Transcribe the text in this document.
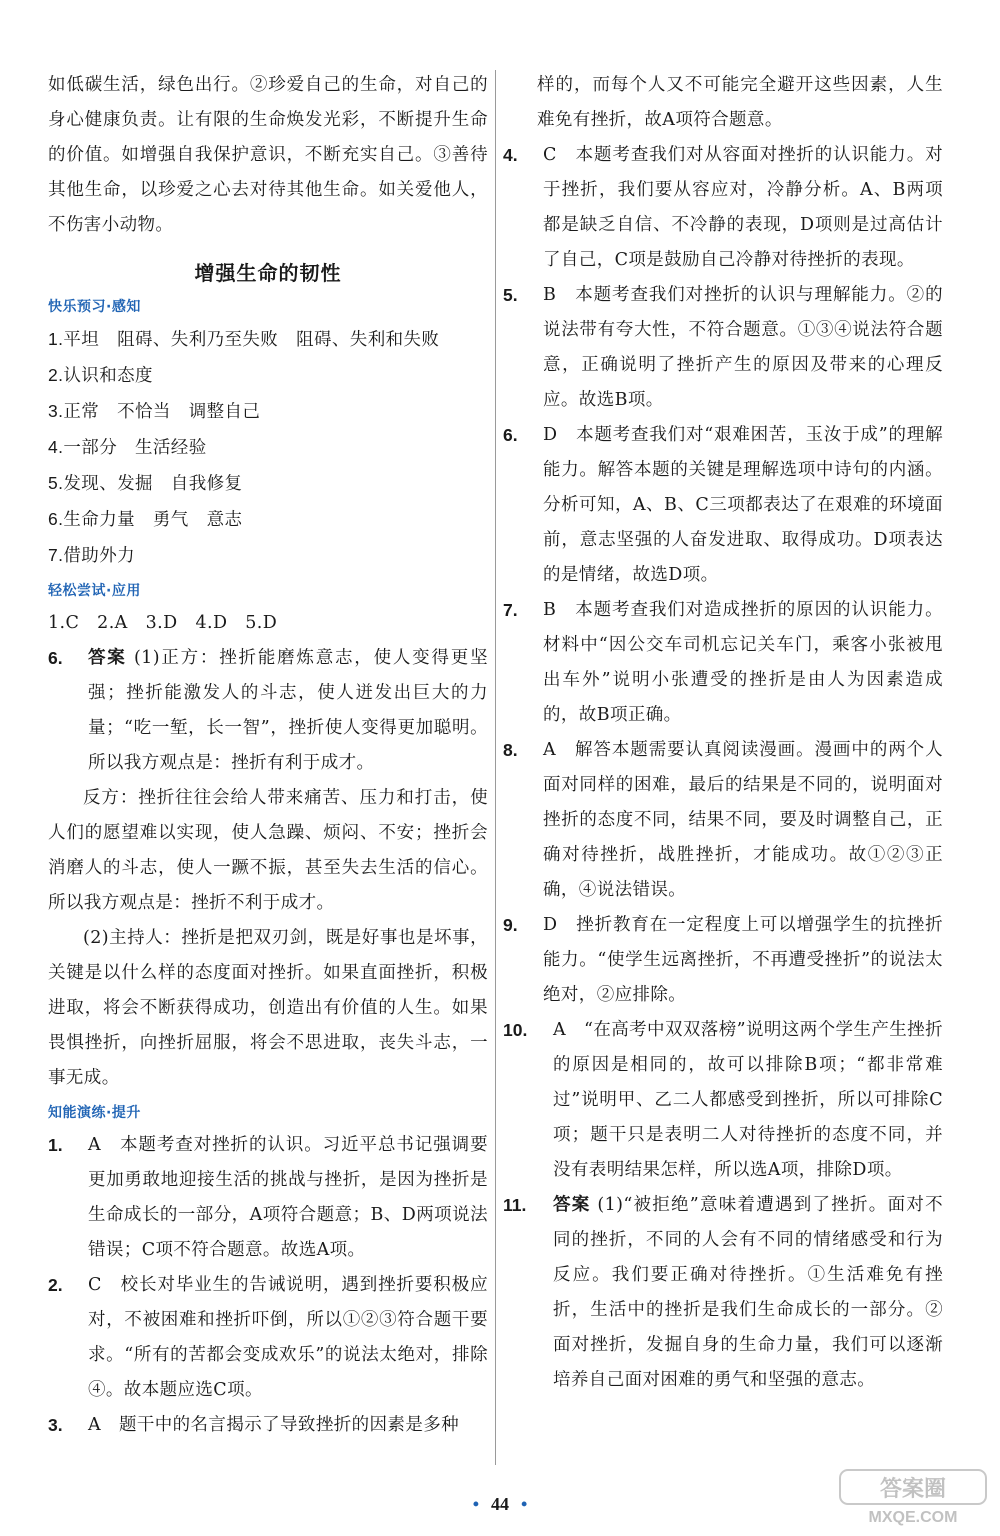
如低碳生活，绿色出行。②珍爱自己的生命，对自己的身心健康负责。让有限的生命焕发光彩，不断提升生命的价值。如增强自我保护意识，不断充实自己。③善待其他生命，以珍爱之心去对待其他生命。如关爱他人，不伤害小动物。

增强生命的韧性
快乐预习·感知
1.平坦　阻碍、失利乃至失败　阻碍、失利和失败
2.认识和态度
3.正常　不恰当　调整自己
4.一部分　生活经验
5.发现、发掘　自我修复
6.生命力量　勇气　意志
7.借助外力
轻松尝试·应用

1.C　2.A　3.D　4.D　5.D

6.	答案 (1)正方：挫折能磨炼意志，使人变得更坚强；挫折能激发人的斗志，使人迸发出巨大的力量；“吃一堑，长一智”，挫折使人变得更加聪明。所以我方观点是：挫折有利于成才。

反方：挫折往往会给人带来痛苦、压力和打击，使人们的愿望难以实现，使人急躁、烦闷、不安；挫折会消磨人的斗志，使人一蹶不振，甚至失去生活的信心。所以我方观点是：挫折不利于成才。

(2)主持人：挫折是把双刃剑，既是好事也是坏事，关键是以什么样的态度面对挫折。如果直面挫折，积极进取，将会不断获得成功，创造出有价值的人生。如果畏惧挫折，向挫折屈服，将会不思进取，丧失斗志，一事无成。

知能演练·提升
1.	A　本题考查对挫折的认识。习近平总书记强调要更加勇敢地迎接生活的挑战与挫折，是因为挫折是生命成长的一部分，A项符合题意；B、D两项说法错误；C项不符合题意。故选A项。
2.	C　校长对毕业生的告诫说明，遇到挫折要积极应对，不被困难和挫折吓倒，所以①②③符合题干要求。“所有的苦都会变成欢乐”的说法太绝对，排除④。故本题应选C项。
3.	A　题干中的名言揭示了导致挫折的因素是多种

样的，而每个人又不可能完全避开这些因素，人生难免有挫折，故A项符合题意。

4.	C　本题考查我们对从容面对挫折的认识能力。对于挫折，我们要从容应对，冷静分析。A、B两项都是缺乏自信、不冷静的表现，D项则是过高估计了自己，C项是鼓励自己冷静对待挫折的表现。
5.	B　本题考查我们对挫折的认识与理解能力。②的说法带有夸大性，不符合题意。①③④说法符合题意，正确说明了挫折产生的原因及带来的心理反应。故选B项。
6.	D　本题考查我们对“艰难困苦，玉汝于成”的理解能力。解答本题的关键是理解选项中诗句的内涵。分析可知，A、B、C三项都表达了在艰难的环境面前，意志坚强的人奋发进取、取得成功。D项表达的是情绪，故选D项。
7.	B　本题考查我们对造成挫折的原因的认识能力。材料中“因公交车司机忘记关车门，乘客小张被甩出车外”说明小张遭受的挫折是由人为因素造成的，故B项正确。
8.	A　解答本题需要认真阅读漫画。漫画中的两个人面对同样的困难，最后的结果是不同的，说明面对挫折的态度不同，结果不同，要及时调整自己，正确对待挫折，战胜挫折，才能成功。故①②③正确，④说法错误。
9.	D　挫折教育在一定程度上可以增强学生的抗挫折能力。“使学生远离挫折，不再遭受挫折”的说法太绝对，②应排除。
10.	A　“在高考中双双落榜”说明这两个学生产生挫折的原因是相同的，故可以排除B项；“都非常难过”说明甲、乙二人都感受到挫折，所以可排除C项；题干只是表明二人对待挫折的态度不同，并没有表明结果怎样，所以选A项，排除D项。
11.	答案 (1)“被拒绝”意味着遭遇到了挫折。面对不同的挫折，不同的人会有不同的情绪感受和行为反应。我们要正确对待挫折。①生活难免有挫折，生活中的挫折是我们生命成长的一部分。②面对挫折，发掘自身的生命力量，我们可以逐渐培养自己面对困难的勇气和坚强的意志。
• 44 •
答案圈
MXQE.COM
